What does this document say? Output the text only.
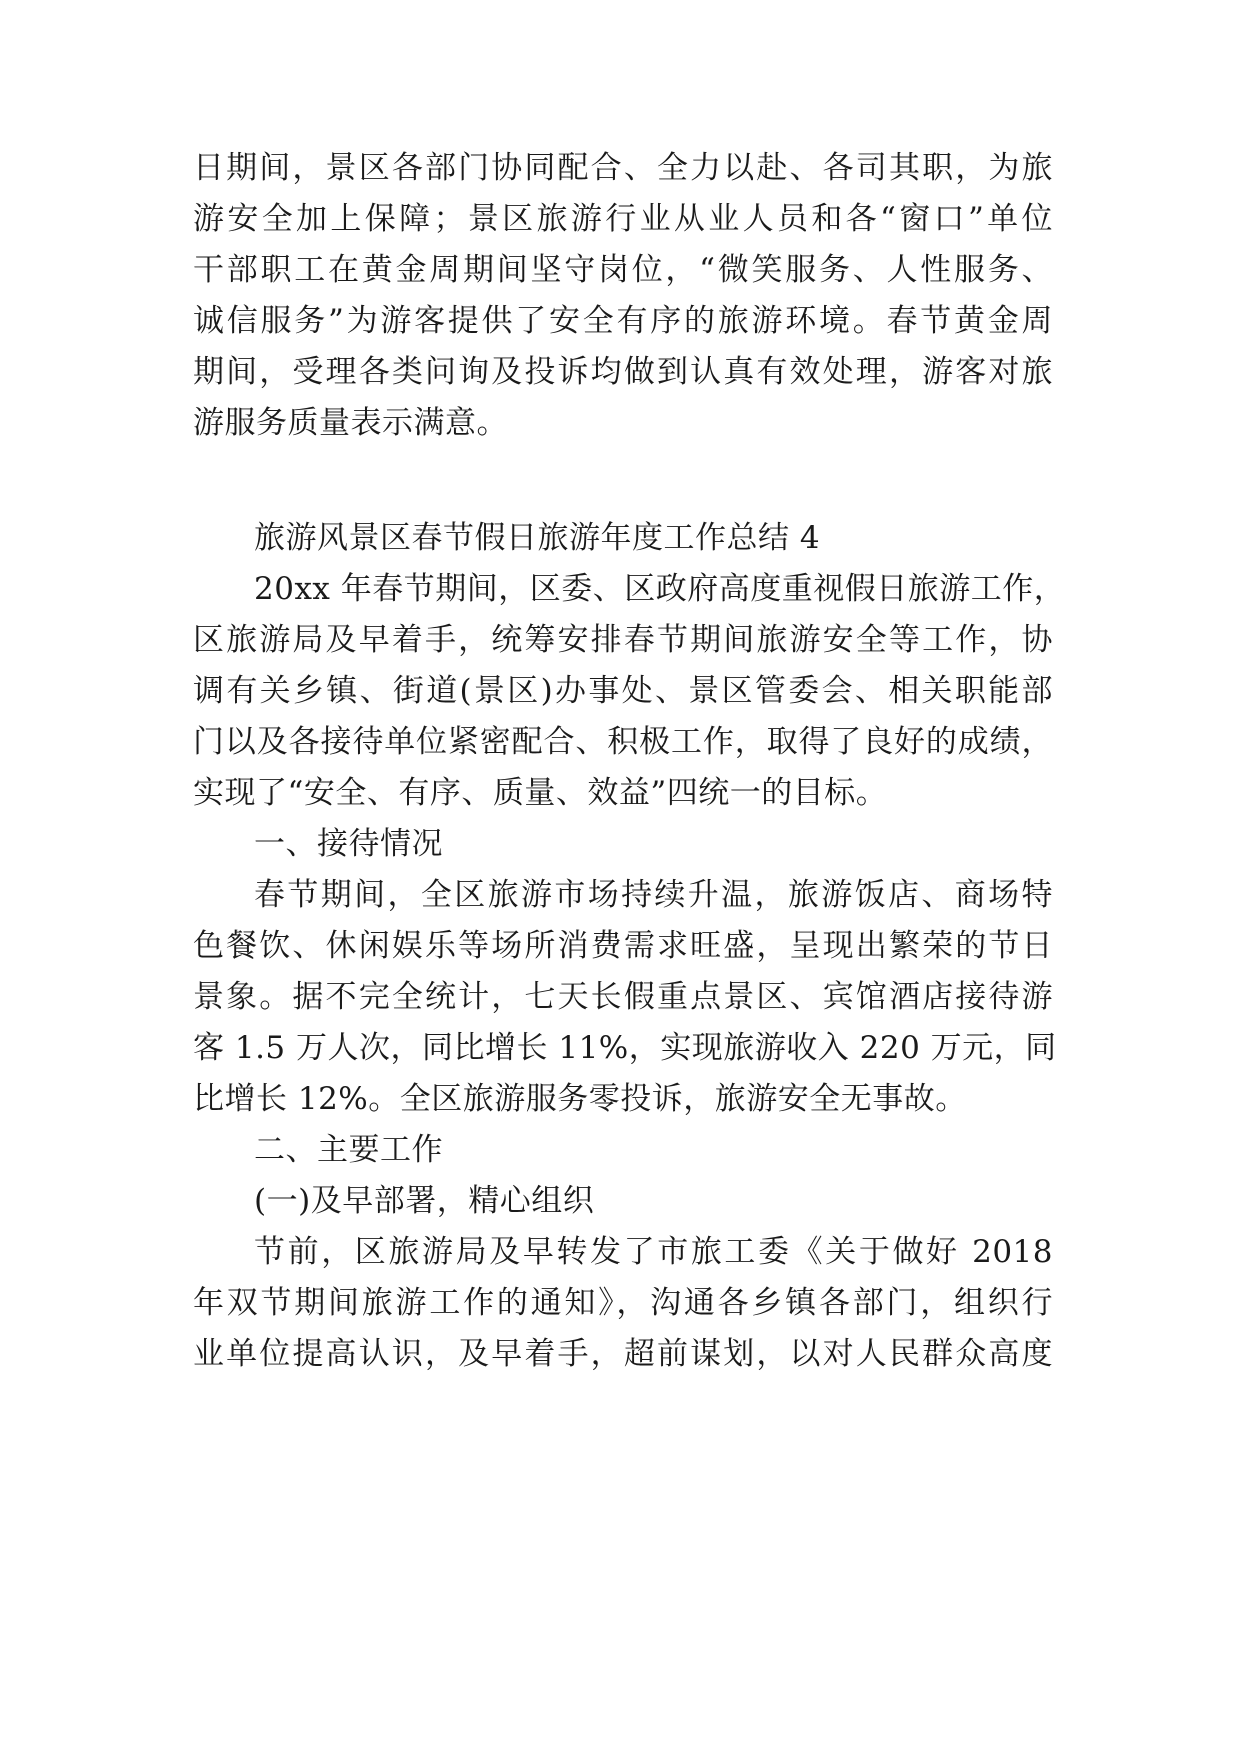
日期间，景区各部门协同配合、全力以赴、各司其职，为旅
游安全加上保障；景区旅游行业从业人员和各“窗口”单位
干部职工在黄金周期间坚守岗位，“微笑服务、人性服务、
诚信服务”为游客提供了安全有序的旅游环境。春节黄金周
期间，受理各类问询及投诉均做到认真有效处理，游客对旅
游服务质量表示满意。
旅游风景区春节假日旅游年度工作总结 4
20xx 年春节期间，区委、区政府高度重视假日旅游工作，
区旅游局及早着手，统筹安排春节期间旅游安全等工作，协
调有关乡镇、街道(景区)办事处、景区管委会、相关职能部
门以及各接待单位紧密配合、积极工作，取得了良好的成绩，
实现了“安全、有序、质量、效益”四统一的目标。
一、接待情况
春节期间，全区旅游市场持续升温，旅游饭店、商场特
色餐饮、休闲娱乐等场所消费需求旺盛，呈现出繁荣的节日
景象。据不完全统计，七天长假重点景区、宾馆酒店接待游
客 1.5 万人次，同比增长 11%，实现旅游收入 220 万元，同
比增长 12%。全区旅游服务零投诉，旅游安全无事故。
二、主要工作
(一)及早部署，精心组织
节前，区旅游局及早转发了市旅工委《关于做好 2018
年双节期间旅游工作的通知》，沟通各乡镇各部门，组织行
业单位提高认识，及早着手，超前谋划，以对人民群众高度
